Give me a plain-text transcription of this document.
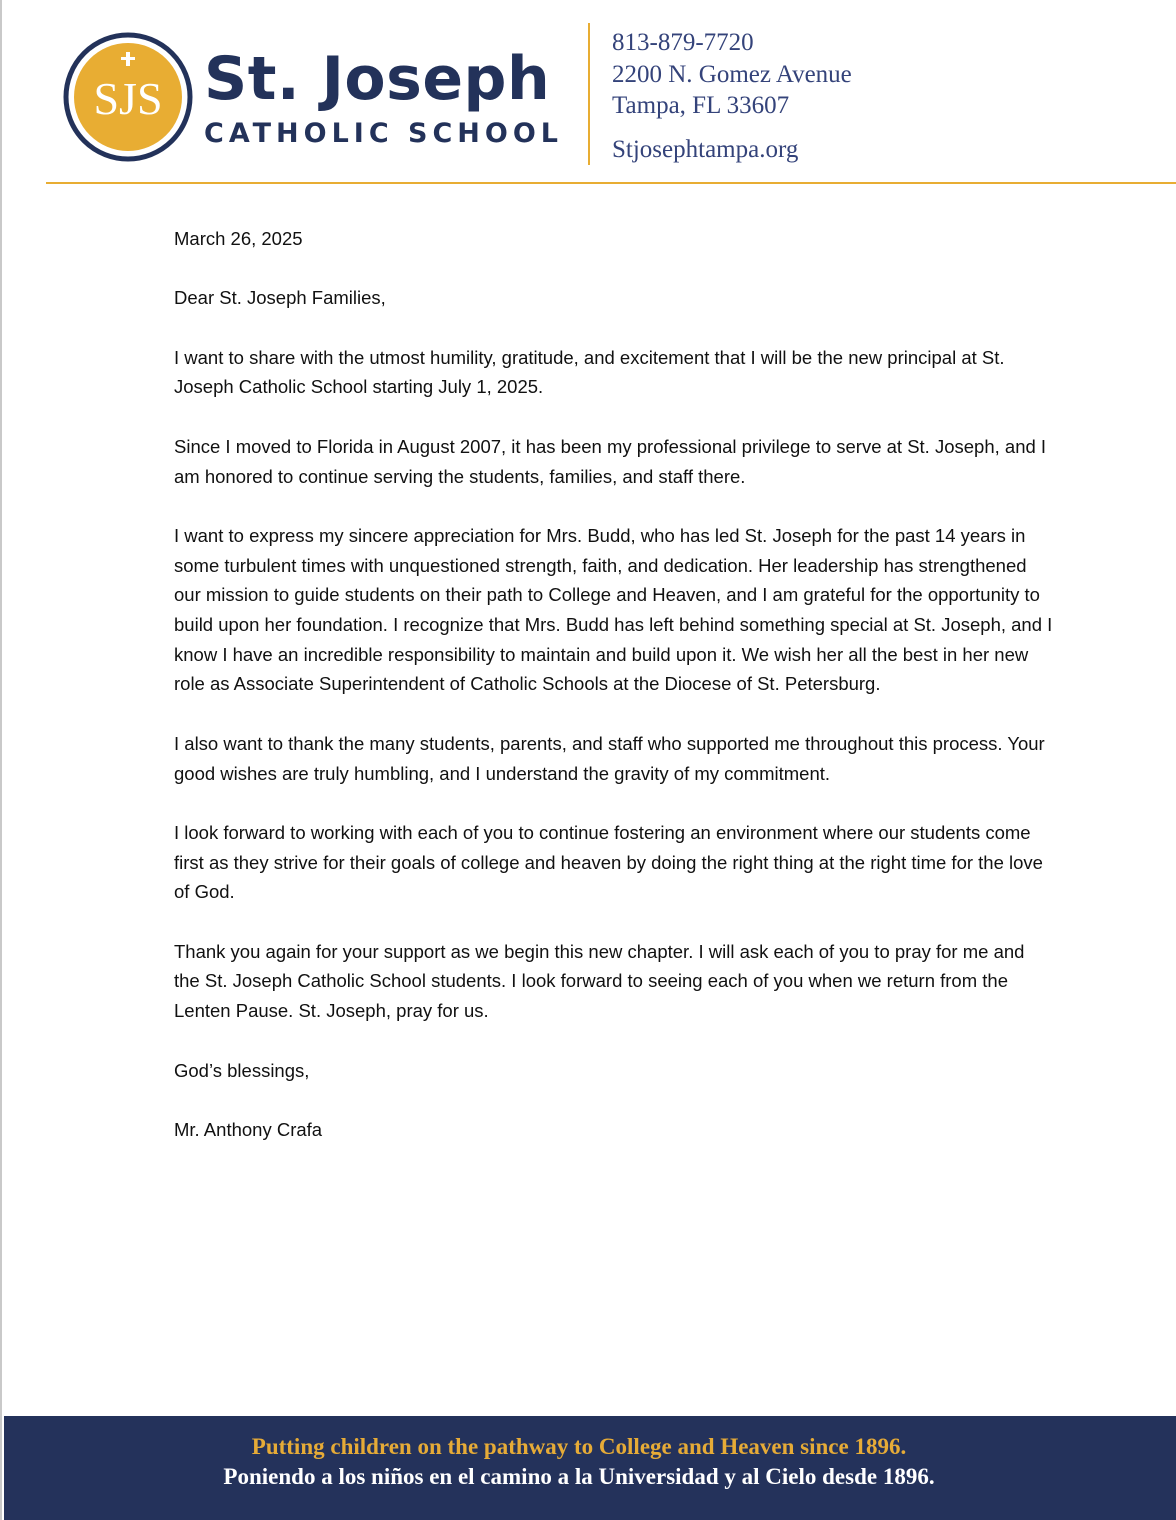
SJS St. Joseph
CATHOLIC SCHOOL
813-879-7720
2200 N. Gomez Avenue
Tampa, FL 33607
Stjosephtampa.org

March 26, 2025

Dear St. Joseph Families,

I want to share with the utmost humility, gratitude, and excitement that I will be the new principal at St. Joseph Catholic School starting July 1, 2025.

Since I moved to Florida in August 2007, it has been my professional privilege to serve at St. Joseph, and I am honored to continue serving the students, families, and staff there.

I want to express my sincere appreciation for Mrs. Budd, who has led St. Joseph for the past 14 years in some turbulent times with unquestioned strength, faith, and dedication. Her leadership has strengthened our mission to guide students on their path to College and Heaven, and I am grateful for the opportunity to build upon her foundation. I recognize that Mrs. Budd has left behind something special at St. Joseph, and I know I have an incredible responsibility to maintain and build upon it. We wish her all the best in her new role as Associate Superintendent of Catholic Schools at the Diocese of St. Petersburg.

I also want to thank the many students, parents, and staff who supported me throughout this process. Your good wishes are truly humbling, and I understand the gravity of my commitment.

I look forward to working with each of you to continue fostering an environment where our students come first as they strive for their goals of college and heaven by doing the right thing at the right time for the love of God.

Thank you again for your support as we begin this new chapter. I will ask each of you to pray for me and the St. Joseph Catholic School students. I look forward to seeing each of you when we return from the Lenten Pause. St. Joseph, pray for us.

God’s blessings,

Mr. Anthony Crafa

Putting children on the pathway to College and Heaven since 1896.
Poniendo a los niños en el camino a la Universidad y al Cielo desde 1896.
